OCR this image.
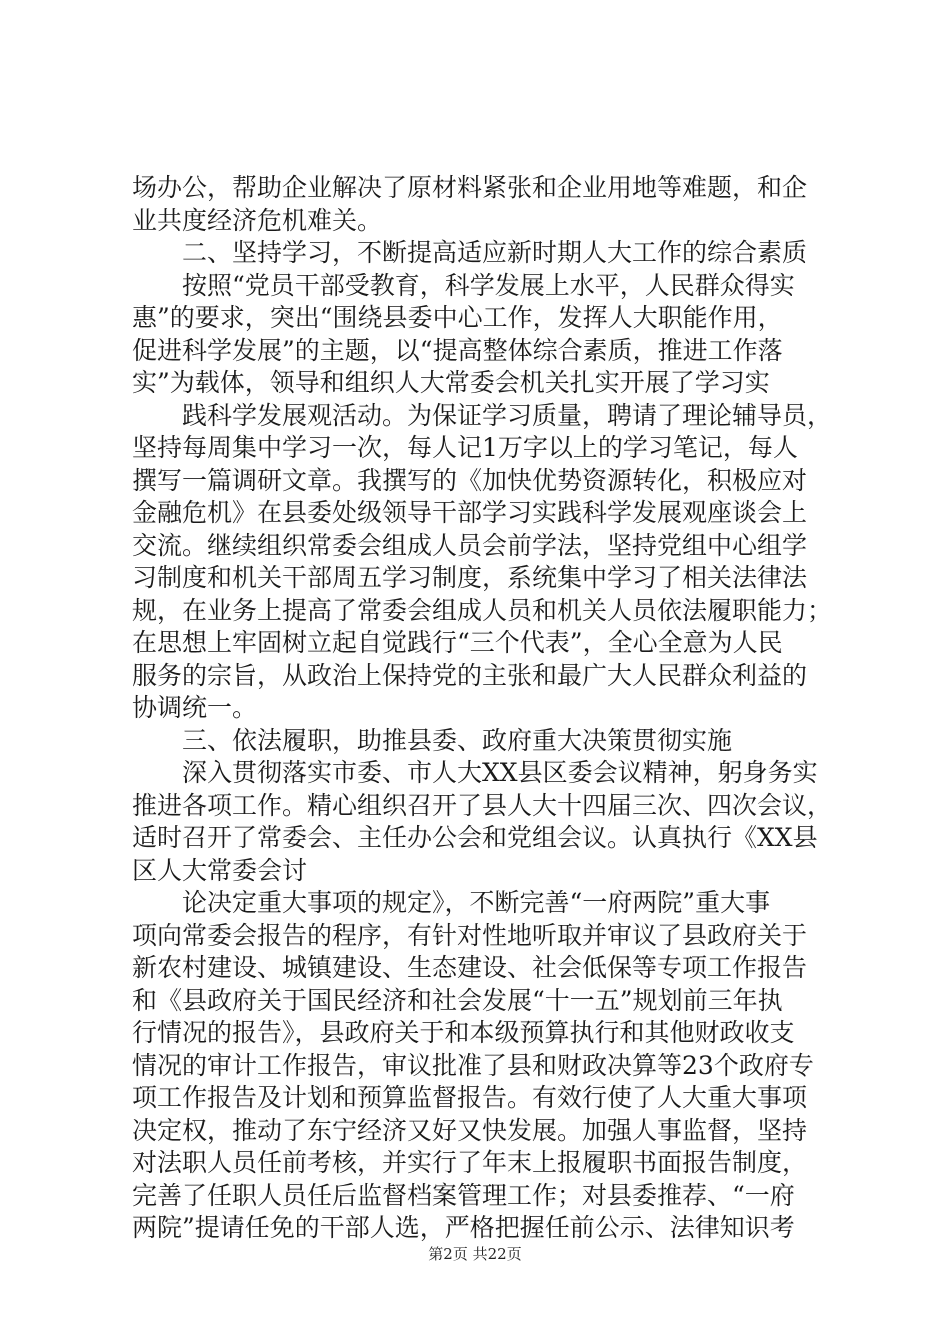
场办公，帮助企业解决了原材料紧张和企业用地等难题，和企
业共度经济危机难关。
二、坚持学习，不断提高适应新时期人大工作的综合素质
按照“党员干部受教育，科学发展上水平，人民群众得实
惠”的要求，突出“围绕县委中心工作，发挥人大职能作用，
促进科学发展”的主题，以“提高整体综合素质，推进工作落
实”为载体，领导和组织人大常委会机关扎实开展了学习实
践科学发展观活动。为保证学习质量，聘请了理论辅导员，
坚持每周集中学习一次，每人记1万字以上的学习笔记，每人
撰写一篇调研文章。我撰写的《加快优势资源转化，积极应对
金融危机》在县委处级领导干部学习实践科学发展观座谈会上
交流。继续组织常委会组成人员会前学法，坚持党组中心组学
习制度和机关干部周五学习制度，系统集中学习了相关法律法
规，在业务上提高了常委会组成人员和机关人员依法履职能力；
在思想上牢固树立起自觉践行“三个代表”，全心全意为人民
服务的宗旨，从政治上保持党的主张和最广大人民群众利益的
协调统一。
三、依法履职，助推县委、政府重大决策贯彻实施
深入贯彻落实市委、市人大XX县区委会议精神，躬身务实
推进各项工作。精心组织召开了县人大十四届三次、四次会议，
适时召开了常委会、主任办公会和党组会议。认真执行《XX县
区人大常委会讨
论决定重大事项的规定》，不断完善“一府两院”重大事
项向常委会报告的程序，有针对性地听取并审议了县政府关于
新农村建设、城镇建设、生态建设、社会低保等专项工作报告
和《县政府关于国民经济和社会发展“十一五”规划前三年执
行情况的报告》，县政府关于和本级预算执行和其他财政收支
情况的审计工作报告，审议批准了县和财政决算等23个政府专
项工作报告及计划和预算监督报告。有效行使了人大重大事项
决定权，推动了东宁经济又好又快发展。加强人事监督，坚持
对法职人员任前考核，并实行了年末上报履职书面报告制度，
完善了任职人员任后监督档案管理工作；对县委推荐、“一府
两院”提请任免的干部人选，严格把握任前公示、法律知识考
第2页 共22页
